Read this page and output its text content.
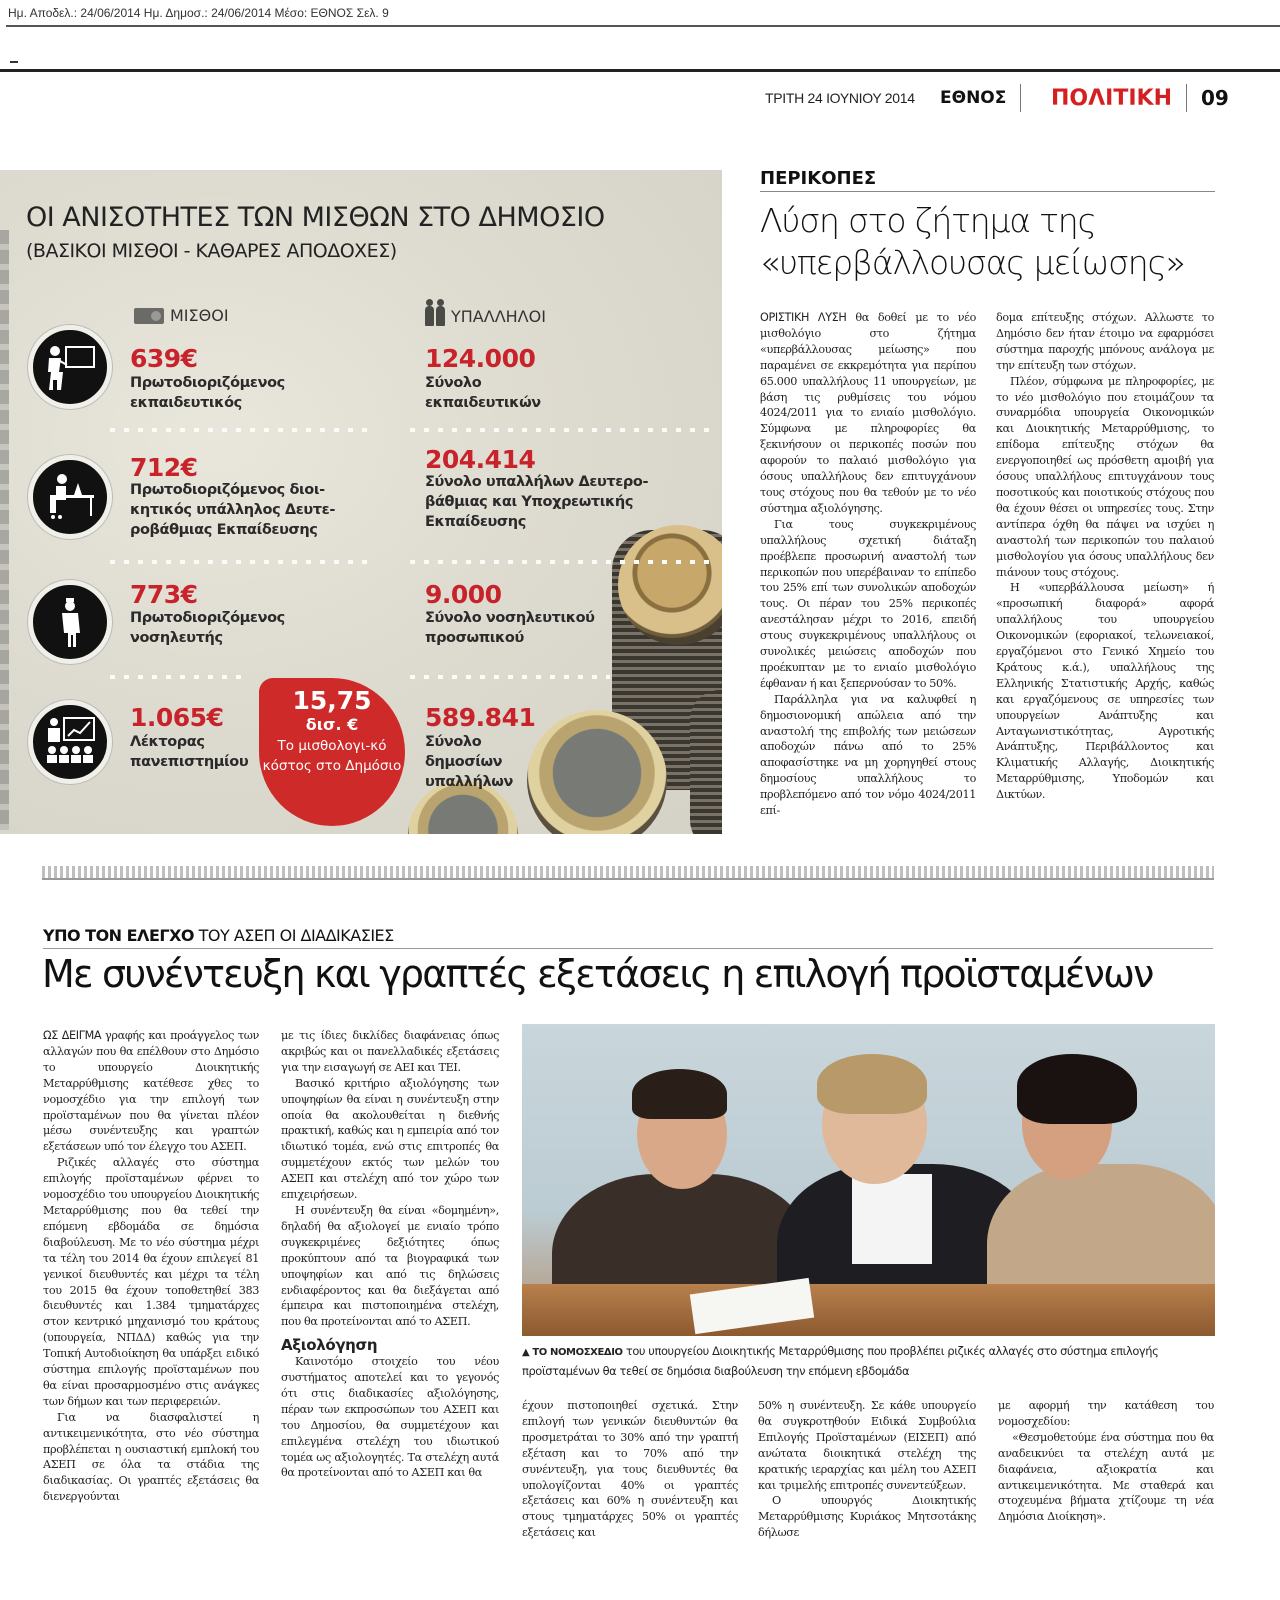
Ημ. Αποδελ.: 24/06/2014 Ημ. Δημοσ.: 24/06/2014 Μέσο: ΕΘΝΟΣ Σελ. 9
ΤΡΙΤΗ 24 ΙΟΥΝΙΟΥ 2014	ΕΘΝΟΣ	ΠΟΛΙΤΙΚΗ	09
ΟΙ ΑΝΙΣΟΤΗΤΕΣ ΤΩΝ ΜΙΣΘΩΝ ΣΤΟ ΔΗΜΟΣΙΟ
(ΒΑΣΙΚΟΙ ΜΙΣΘΟΙ - ΚΑΘΑΡΕΣ ΑΠΟΔΟΧΕΣ)
ΜΙΣΘΟΙ	ΥΠΑΛΛΗΛΟΙ
639€
Πρωτοδιοριζόμενος εκπαιδευτικός
124.000
Σύνολο εκπαιδευτικών
712€
Πρωτοδιοριζόμενος διοι-κητικός υπάλληλος Δευτε-ροβάθμιας Εκπαίδευσης
204.414
Σύνολο υπαλλήλων Δευτερο-βάθμιας και Υποχρεωτικής Εκπαίδευσης
773€
Πρωτοδιοριζόμενος νοσηλευτής
9.000
Σύνολο νοσηλευτικού προσωπικού
1.065€
Λέκτορας πανεπιστημίου
589.841
Σύνολο δημοσίων υπαλλήλων
15,75
δισ. €
Το μισθολογι-κό κόστος στο Δημόσιο
ΠΕΡΙΚΟΠΕΣ
Λύση στο ζήτημα της
«υπερβάλλουσας μείωσης»

ΟΡΙΣΤΙΚΗ ΛΥΣΗ θα δοθεί με το νέο μισθολόγιο στο ζήτημα «υπερβάλλουσας μείωσης» που παραμένει σε εκκρεμότητα για περίπου 65.000 υπαλλήλους 11 υπουργείων, με βάση τις ρυθμίσεις του νόμου 4024/2011 για το ενιαίο μισθολόγιο. Σύμφωνα με πληροφορίες θα ξεκινήσουν οι περικοπές ποσών που αφορούν το παλαιό μισθολόγιο για όσους υπαλλήλους δεν επιτυγχάνουν τους στόχους που θα τεθούν με το νέο σύστημα αξιολόγησης.

Για τους συγκεκριμένους υπαλλήλους σχετική διάταξη προέβλεπε προσωρινή αναστολή των περικοπών που υπερέβαιναν το επίπεδο του 25% επί των συνολικών αποδοχών τους. Οι πέραν του 25% περικοπές ανεστάλησαν μέχρι το 2016, επειδή στους συγκεκριμένους υπαλλήλους οι συνολικές μειώσεις αποδοχών που προέκυπταν με το ενιαίο μισθολόγιο έφθαναν ή και ξεπερνούσαν το 50%.

Παράλληλα για να καλυφθεί η δημοσιονομική απώλεια από την αναστολή της επιβολής των μειώσεων αποδοχών πάνω από το 25% αποφασίστηκε να μη χορηγηθεί στους δημοσίους υπαλλήλους το προβλεπόμενο από τον νόμο 4024/2011 επί-

δομα επίτευξης στόχων. Αλλωστε το Δημόσιο δεν ήταν έτοιμο να εφαρμόσει σύστημα παροχής μπόνους ανάλογα με την επίτευξη των στόχων.

Πλέον, σύμφωνα με πληροφορίες, με το νέο μισθολόγιο που ετοιμάζουν τα συναρμόδια υπουργεία Οικονομικών και Διοικητικής Μεταρρύθμισης, το επίδομα επίτευξης στόχων θα ενεργοποιηθεί ως πρόσθετη αμοιβή για όσους υπαλλήλους επιτυγχάνουν τους ποσοτικούς και ποιοτικούς στόχους που θα έχουν θέσει οι υπηρεσίες τους. Στην αντίπερα όχθη θα πάψει να ισχύει η αναστολή των περικοπών του παλαιού μισθολογίου για όσους υπαλλήλους δεν πιάνουν τους στόχους.

Η «υπερβάλλουσα μείωση» ή «προσωπική διαφορά» αφορά υπαλλήλους του υπουργείου Οικονομικών (εφοριακοί, τελωνειακοί, εργαζόμενοι στο Γενικό Χημείο του Κράτους κ.ά.), υπαλλήλους της Ελληνικής Στατιστικής Αρχής, καθώς και εργαζόμενους σε υπηρεσίες των υπουργείων Ανάπτυξης και Ανταγωνιστικότητας, Αγροτικής Ανάπτυξης, Περιβάλλοντος και Κλιματικής Αλλαγής, Διοικητικής Μεταρρύθμισης, Υποδομών και Δικτύων.

ΥΠΟ ΤΟΝ ΕΛΕΓΧΟ ΤΟΥ ΑΣΕΠ ΟΙ ΔΙΑΔΙΚΑΣΙΕΣ
Με συνέντευξη και γραπτές εξετάσεις η επιλογή προϊσταμένων

ΩΣ ΔΕΙΓΜΑ γραφής και προάγγελος των αλλαγών που θα επέλθουν στο Δημόσιο το υπουργείο Διοικητικής Μεταρρύθμισης κατέθεσε χθες το νομοσχέδιο για την επιλογή των προϊσταμένων που θα γίνεται πλέον μέσω συνέντευξης και γραπτών εξετάσεων υπό τον έλεγχο του ΑΣΕΠ.

Ριζικές αλλαγές στο σύστημα επιλογής προϊσταμένων φέρνει το νομοσχέδιο του υπουργείου Διοικητικής Μεταρρύθμισης που θα τεθεί την επόμενη εβδομάδα σε δημόσια διαβούλευση. Με το νέο σύστημα μέχρι τα τέλη του 2014 θα έχουν επιλεγεί 81 γενικοί διευθυντές και μέχρι τα τέλη του 2015 θα έχουν τοποθετηθεί 383 διευθυντές και 1.384 τμηματάρχες στον κεντρικό μηχανισμό του κράτους (υπουργεία, ΝΠΔΔ) καθώς για την Τοπική Αυτοδιοίκηση θα υπάρξει ειδικό σύστημα επιλογής προϊσταμένων που θα είναι προσαρμοσμένο στις ανάγκες των δήμων και των περιφερειών.

Για να διασφαλιστεί η αντικειμενικότητα, στο νέο σύστημα προβλέπεται η ουσιαστική εμπλοκή του ΑΣΕΠ σε όλα τα στάδια της διαδικασίας. Οι γραπτές εξετάσεις θα διενεργούνται

με τις ίδιες δικλίδες διαφάνειας όπως ακριβώς και οι πανελλαδικές εξετάσεις για την εισαγωγή σε ΑΕΙ και ΤΕΙ.

Βασικό κριτήριο αξιολόγησης των υποψηφίων θα είναι η συνέντευξη στην οποία θα ακολουθείται η διεθνής πρακτική, καθώς και η εμπειρία από τον ιδιωτικό τομέα, ενώ στις επιτροπές θα συμμετέχουν εκτός των μελών του ΑΣΕΠ και στελέχη από τον χώρο των επιχειρήσεων.

Η συνέντευξη θα είναι «δομημένη», δηλαδή θα αξιολογεί με ενιαίο τρόπο συγκεκριμένες δεξιότητες όπως προκύπτουν από τα βιογραφικά των υποψηφίων και από τις δηλώσεις ενδιαφέροντος και θα διεξάγεται από έμπειρα και πιστοποιημένα στελέχη, που θα προτείνονται από το ΑΣΕΠ.

Αξιολόγηση

Καινοτόμο στοιχείο του νέου συστήματος αποτελεί και το γεγονός ότι στις διαδικασίες αξιολόγησης, πέραν των εκπροσώπων του ΑΣΕΠ και του Δημοσίου, θα συμμετέχουν και επιλεγμένα στελέχη του ιδιωτικού τομέα ως αξιολογητές. Τα στελέχη αυτά θα προτείνονται από το ΑΣΕΠ και θα

▲ ΤΟ ΝΟΜΟΣΧΕΔΙΟ του υπουργείου Διοικητικής Μεταρρύθμισης που προβλέπει ριζικές αλλαγές στο σύστημα επιλογής προϊσταμένων θα τεθεί σε δημόσια διαβούλευση την επόμενη εβδομάδα

έχουν πιστοποιηθεί σχετικά. Στην επιλογή των γενικών διευθυντών θα προσμετράται το 30% από την γραπτή εξέταση και το 70% από την συνέντευξη, για τους διευθυντές θα υπολογίζονται 40% οι γραπτές εξετάσεις και 60% η συνέντευξη και στους τμηματάρχες 50% οι γραπτές εξετάσεις και

50% η συνέντευξη. Σε κάθε υπουργείο θα συγκροτηθούν Ειδικά Συμβούλια Επιλογής Προϊσταμένων (ΕΙΣΕΠ) από ανώτατα διοικητικά στελέχη της κρατικής ιεραρχίας και μέλη του ΑΣΕΠ και τριμελής επιτροπές συνεντεύξεων.

Ο υπουργός Διοικητικής Μεταρρύθμισης Κυριάκος Μητσοτάκης δήλωσε

με αφορμή την κατάθεση του νομοσχεδίου:

«Θεσμοθετούμε ένα σύστημα που θα αναδεικνύει τα στελέχη αυτά με διαφάνεια, αξιοκρατία και αντικειμενικότητα. Με σταθερά και στοχευμένα βήματα χτίζουμε τη νέα Δημόσια Διοίκηση».
